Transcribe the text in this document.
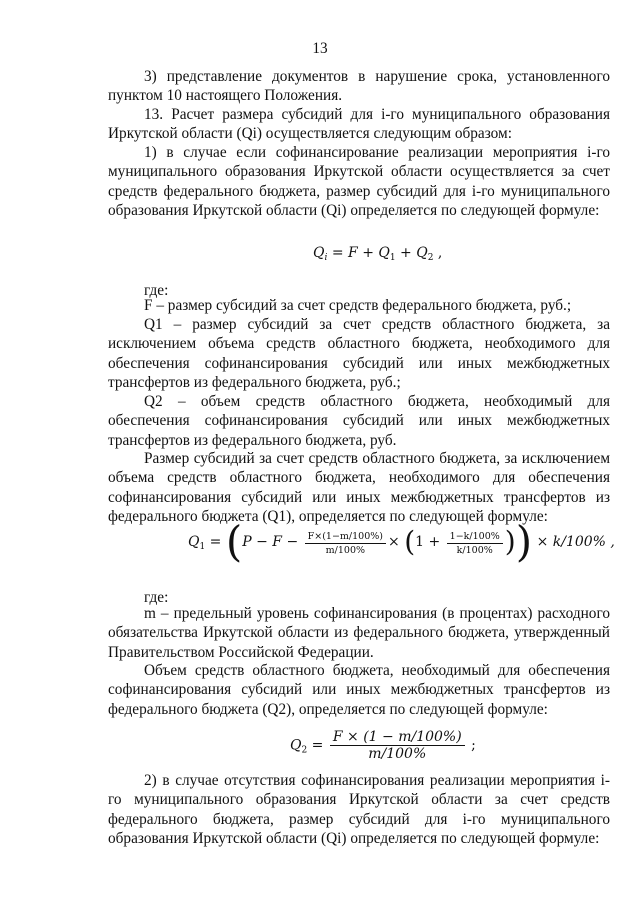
13

3) представление документов в нарушение срока, установленного пунктом 10 настоящего Положения.

13. Расчет размера субсидий для i-го муниципального образования Иркутской области (Qi) осуществляется следующим образом:

1) в случае если софинансирование реализации мероприятия i-го муниципального образования Иркутской области осуществляется за счет средств федерального бюджета, размер субсидий для i-го муниципального образования Иркутской области (Qi) определяется по следующей формуле:

$Q_i = F + Q_1 + Q_2$ ,

где:

F – размер субсидий за счет средств федерального бюджета, руб.;

Q1 – размер субсидий за счет средств областного бюджета, за исключением объема средств областного бюджета, необходимого для обеспечения софинансирования субсидий или иных межбюджетных трансфертов из федерального бюджета, руб.;

Q2 – объем средств областного бюджета, необходимый для обеспечения софинансирования субсидий или иных межбюджетных трансфертов из федерального бюджета, руб.

Размер субсидий за счет средств областного бюджета, за исключением объема средств областного бюджета, необходимого для обеспечения софинансирования субсидий или иных межбюджетных трансфертов из федерального бюджета (Q1), определяется по следующей формуле:

$Q_1 = (P - F - \frac{F\times(1-m/100\%)}{m/100\%} \times (1 + \frac{1-k/100\%}{k/100\%}$ )) × k/100% ,

где:

m – предельный уровень софинансирования (в процентах) расходного обязательства Иркутской области из федерального бюджета, утвержденный Правительством Российской Федерации.

Объем средств областного бюджета, необходимый для обеспечения софинансирования субсидий или иных межбюджетных трансфертов из федерального бюджета (Q2), определяется по следующей формуле:

$Q_2 = \frac{F \times (1 - m/100\%)}{m/100\%}$ ;

2) в случае отсутствия софинансирования реализации мероприятия i-го муниципального образования Иркутской области за счет средств федерального бюджета, размер субсидий для i-го муниципального образования Иркутской области (Qi) определяется по следующей формуле:
